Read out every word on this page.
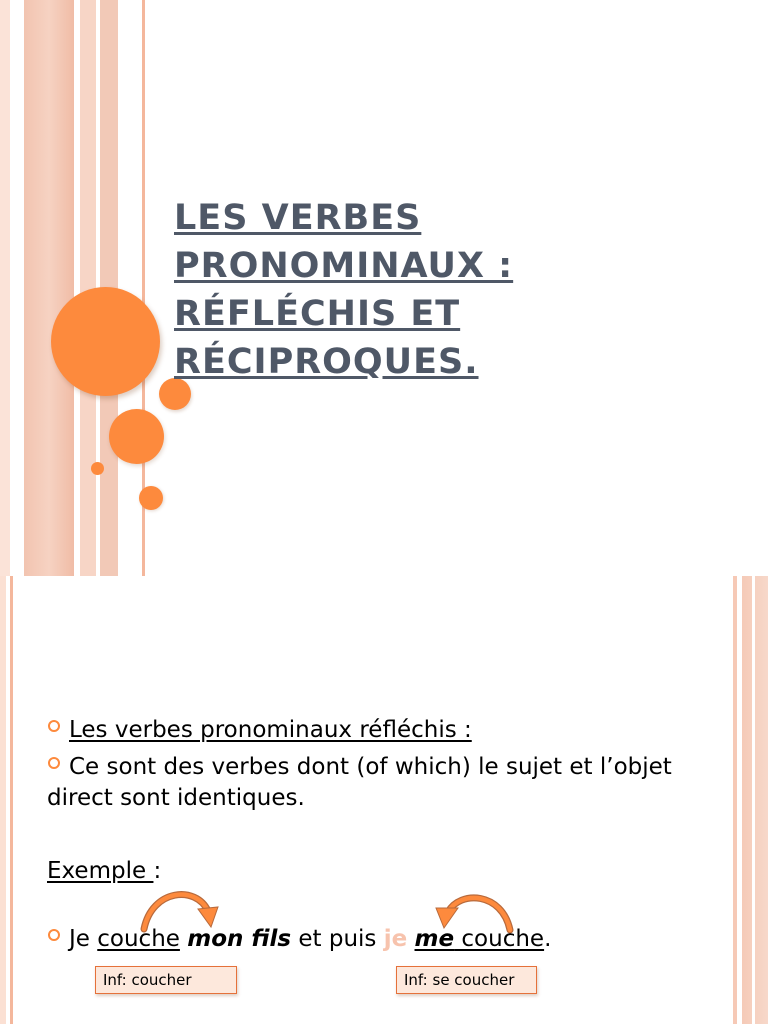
LES VERBES PRONOMINAUX :
RÉFLÉCHIS ET RÉCIPROQUES.

Les verbes pronominaux réfléchis :

Ce sont des verbes dont (of which) le sujet et l’objet direct sont identiques.

Exemple :

Je couche mon fils et puis je me couche.

Inf: coucher	Inf: se coucher
